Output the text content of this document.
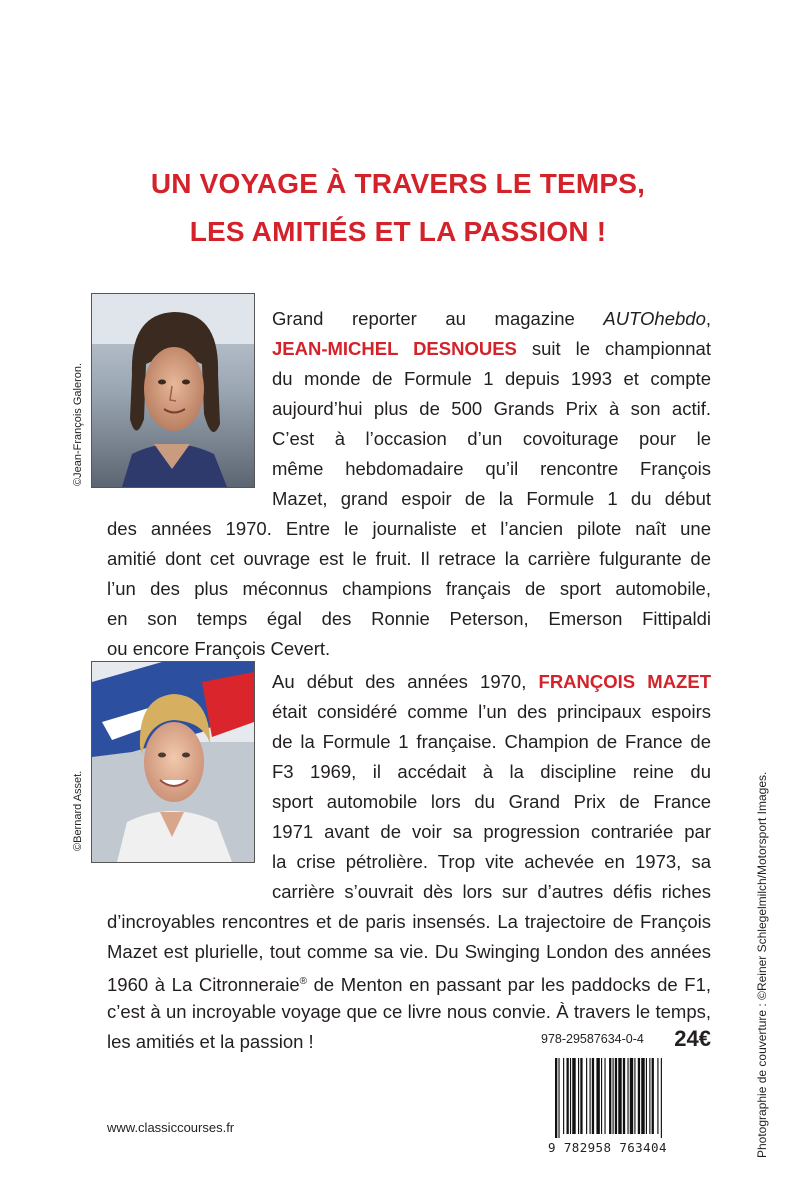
UN VOYAGE À TRAVERS LE TEMPS,
LES AMITIÉS ET LA PASSION !
©Jean-François Galeron.
Grand reporter au magazine AUTOhebdo,
JEAN-MICHEL DESNOUES suit le championnat
du monde de Formule 1 depuis 1993 et compte
aujourd’hui plus de 500 Grands Prix à son actif.
C’est à l’occasion d’un covoiturage pour le
même hebdomadaire qu’il rencontre François
Mazet, grand espoir de la Formule 1 du début
des années 1970. Entre le journaliste et l’ancien pilote naît une
amitié dont cet ouvrage est le fruit. Il retrace la carrière fulgurante de
l’un des plus méconnus champions français de sport automobile,
en son temps égal des Ronnie Peterson, Emerson Fittipaldi
ou encore François Cevert.
©Bernard Asset.
Au début des années 1970, FRANÇOIS MAZET
était considéré comme l’un des principaux espoirs
de la Formule 1 française. Champion de France de
F3 1969, il accédait à la discipline reine du
sport automobile lors du Grand Prix de France
1971 avant de voir sa progression contrariée par
la crise pétrolière. Trop vite achevée en 1973, sa
carrière s’ouvrait dès lors sur d’autres défis riches
d’incroyables rencontres et de paris insensés. La trajectoire de François
Mazet est plurielle, tout comme sa vie. Du Swinging London des années
1960 à La Citronneraie® de Menton en passant par les paddocks de F1,
c’est à un incroyable voyage que ce livre nous convie. À travers le temps,
les amitiés et la passion !	Photographie de couverture : ©Reiner Schlegelmilch/Motorsport Images.
978-29587634-0-4 24€
9 782958 763404
www.classiccourses.fr
